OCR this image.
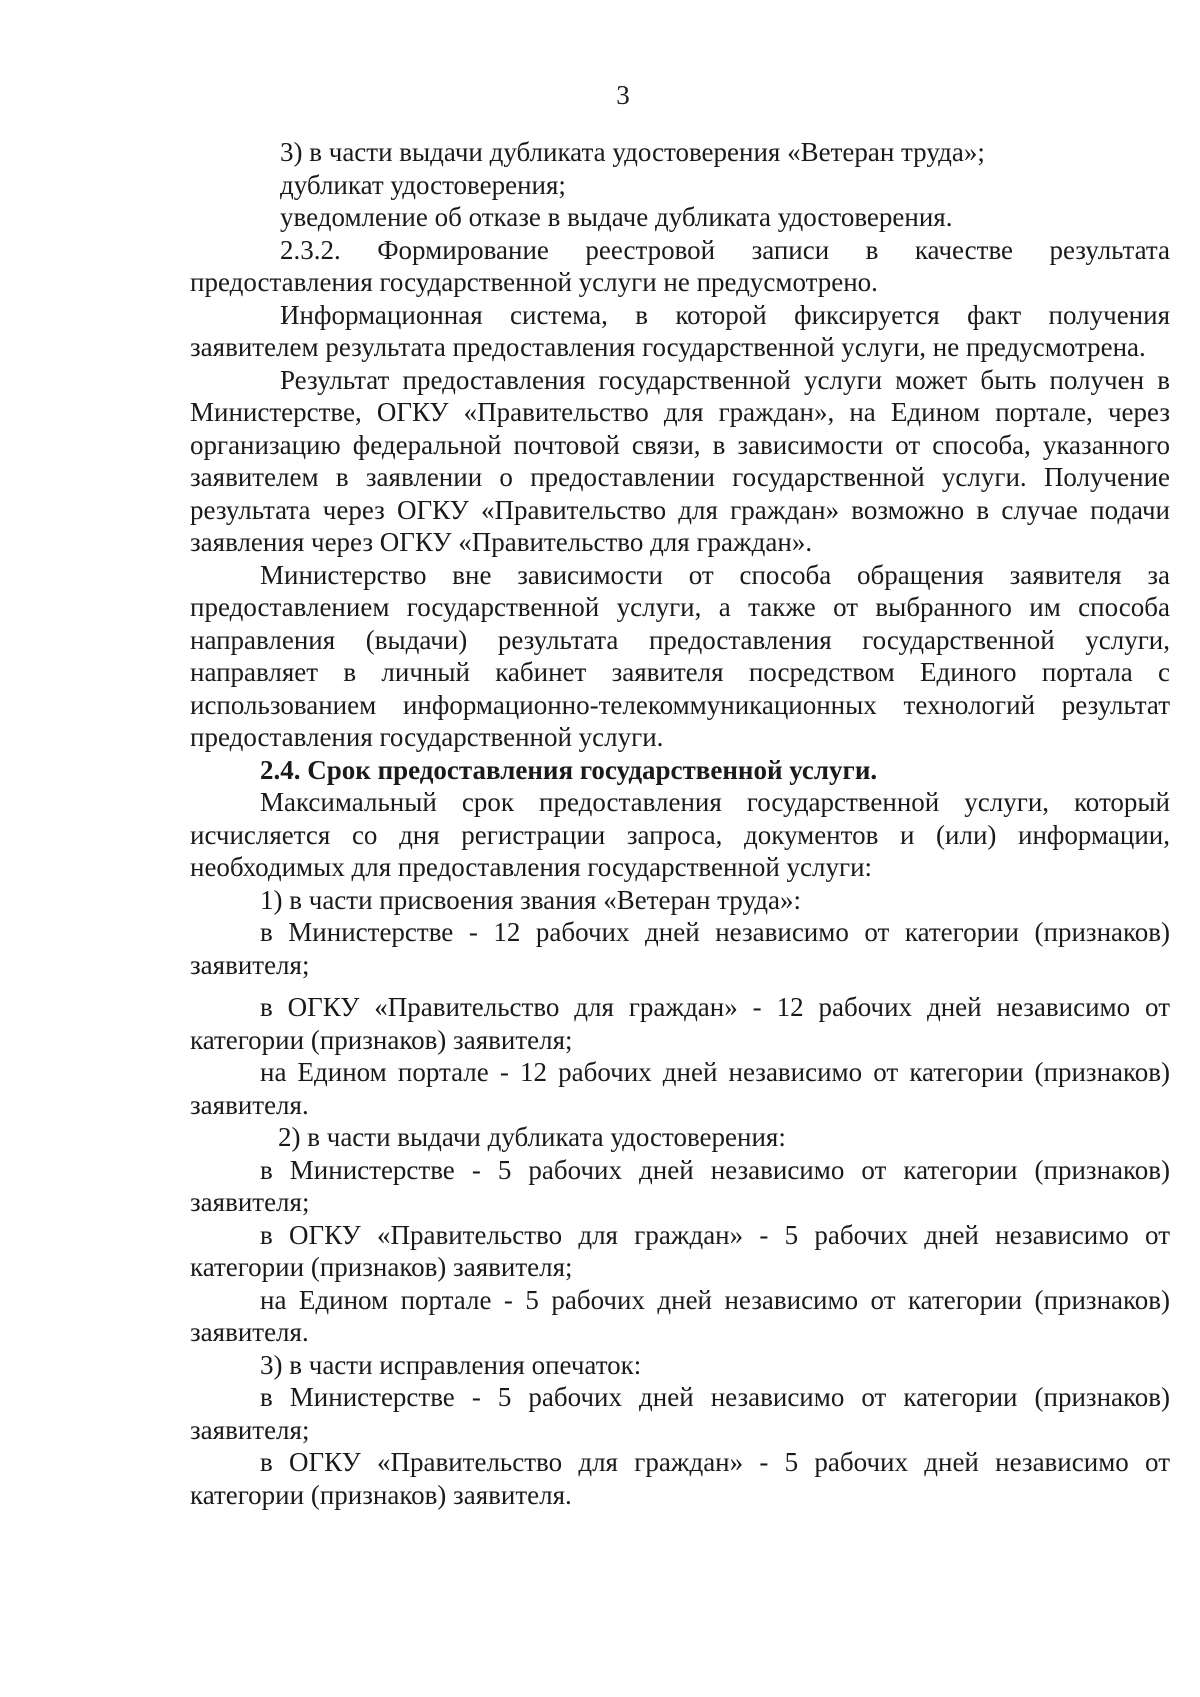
3

3) в части выдачи дубликата удостоверения «Ветеран труда»;

дубликат удостоверения;

уведомление об отказе в выдаче дубликата удостоверения.

2.3.2. Формирование реестровой записи в качестве результата предоставления государственной услуги не предусмотрено.

Информационная система, в которой фиксируется факт получения заявителем результата предоставления государственной услуги, не предусмотрена.

Результат предоставления государственной услуги может быть получен в Министерстве, ОГКУ «Правительство для граждан», на Едином портале, через организацию федеральной почтовой связи, в зависимости от способа, указанного заявителем в заявлении о предоставлении государственной услуги. Получение результата через ОГКУ «Правительство для граждан» возможно в случае подачи заявления через ОГКУ «Правительство для граждан».

Министерство вне зависимости от способа обращения заявителя за предоставлением государственной услуги, а также от выбранного им способа направления (выдачи) результата предоставления государственной услуги, направляет в личный кабинет заявителя посредством Единого портала с использованием информационно-телекоммуникационных технологий результат предоставления государственной услуги.

2.4. Срок предоставления государственной услуги.

Максимальный срок предоставления государственной услуги, который исчисляется со дня регистрации запроса, документов и (или) информации, необходимых для предоставления государственной услуги:

1) в части присвоения звания «Ветеран труда»:

в Министерстве - 12 рабочих дней независимо от категории (признаков) заявителя;

в ОГКУ «Правительство для граждан» - 12 рабочих дней независимо от категории (признаков) заявителя;

на Едином портале - 12 рабочих дней независимо от категории (признаков) заявителя.

2) в части выдачи дубликата удостоверения:

в Министерстве - 5 рабочих дней независимо от категории (признаков) заявителя;

в ОГКУ «Правительство для граждан» - 5 рабочих дней независимо от категории (признаков) заявителя;

на Едином портале - 5 рабочих дней независимо от категории (признаков) заявителя.

3) в части исправления опечаток:

в Министерстве - 5 рабочих дней независимо от категории (признаков) заявителя;

в ОГКУ «Правительство для граждан» - 5 рабочих дней независимо от категории (признаков) заявителя.
